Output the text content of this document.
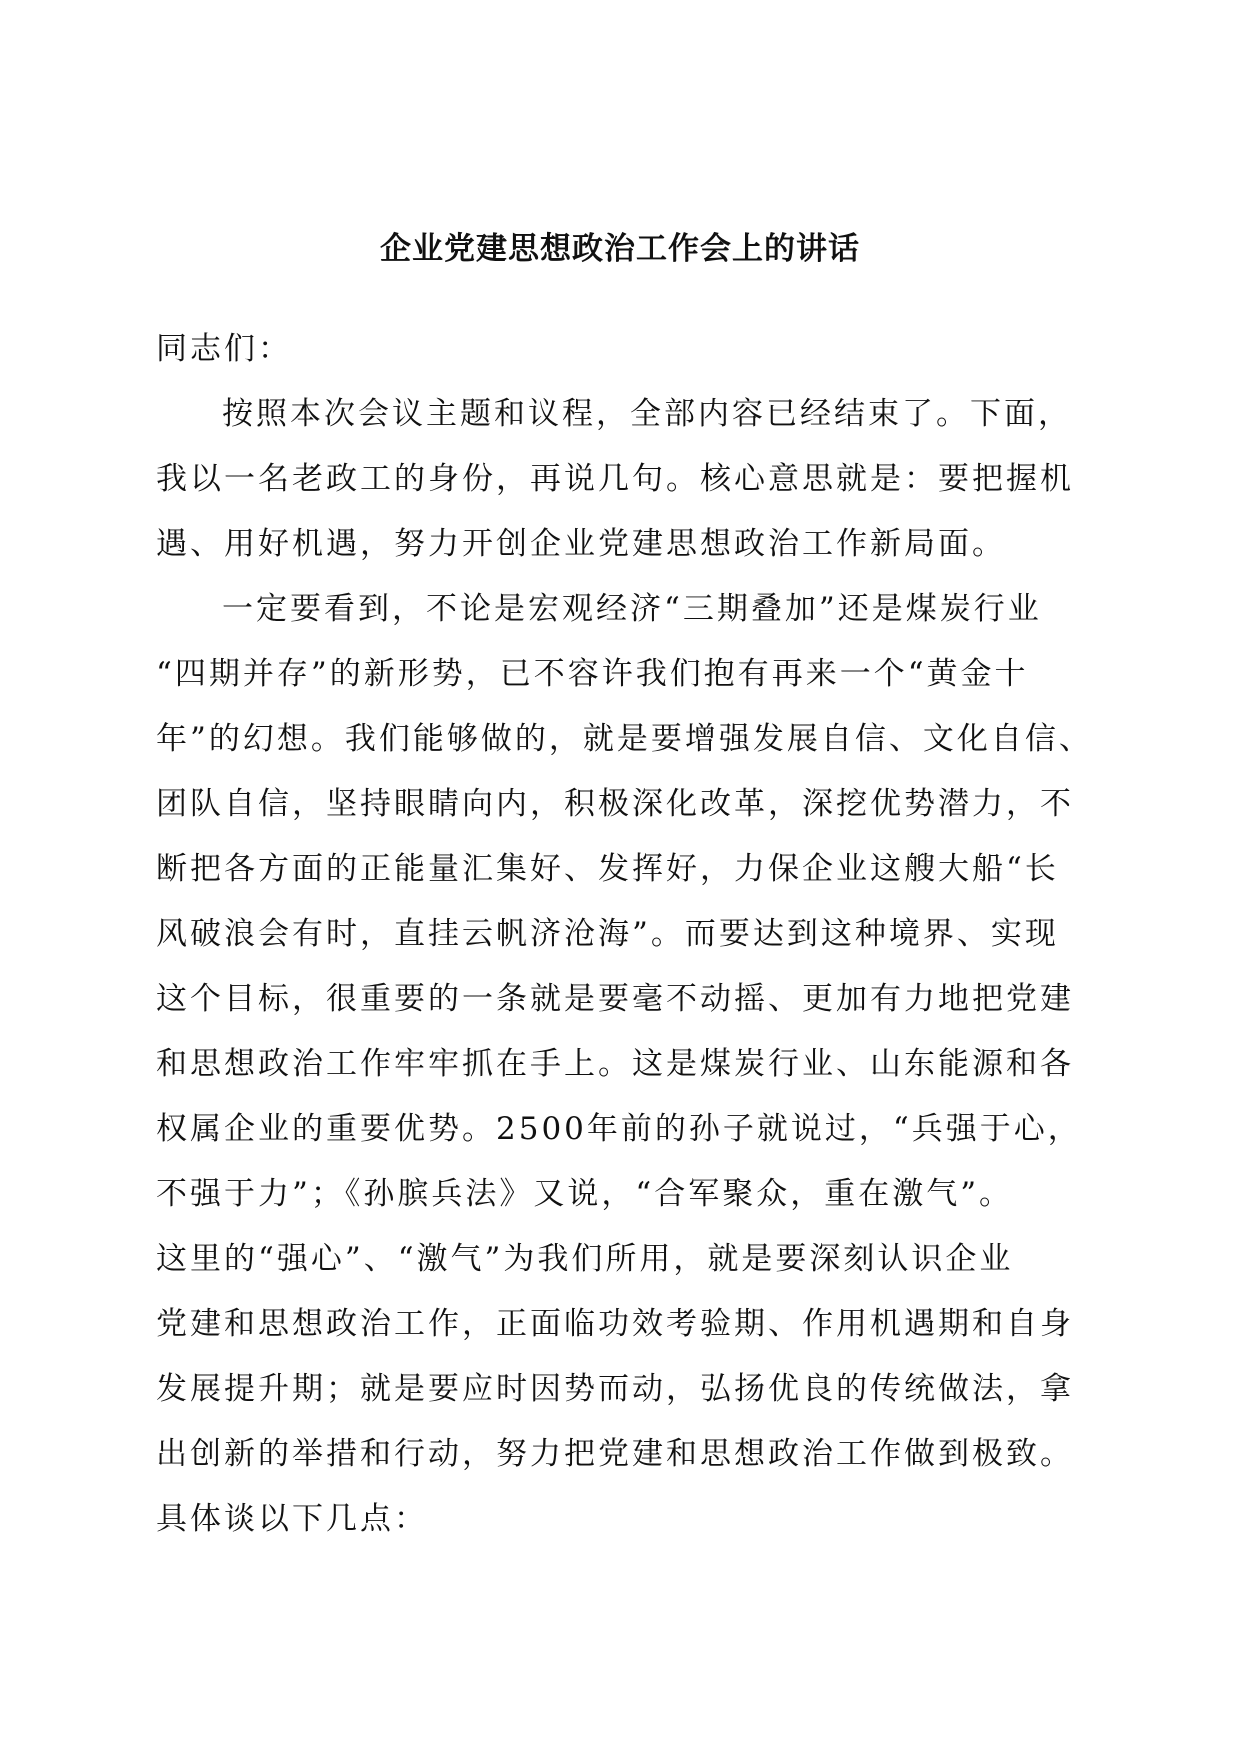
企业党建思想政治工作会上的讲话
同志们：
按照本次会议主题和议程，全部内容已经结束了。下面，
我以一名老政工的身份，再说几句。核心意思就是：要把握机
遇、用好机遇，努力开创企业党建思想政治工作新局面。
一定要看到，不论是宏观经济“三期叠加”还是煤炭行业
“四期并存”的新形势，已不容许我们抱有再来一个“黄金十
年”的幻想。我们能够做的，就是要增强发展自信、文化自信、
团队自信，坚持眼睛向内，积极深化改革，深挖优势潜力，不
断把各方面的正能量汇集好、发挥好，力保企业这艘大船“长
风破浪会有时，直挂云帆济沧海”。而要达到这种境界、实现
这个目标，很重要的一条就是要毫不动摇、更加有力地把党建
和思想政治工作牢牢抓在手上。这是煤炭行业、山东能源和各
权属企业的重要优势。2500年前的孙子就说过，“兵强于心，
不强于力”；《孙膑兵法》又说，“合军聚众，重在激气”。
这里的“强心”、“激气”为我们所用，就是要深刻认识企业
党建和思想政治工作，正面临功效考验期、作用机遇期和自身
发展提升期；就是要应时因势而动，弘扬优良的传统做法，拿
出创新的举措和行动，努力把党建和思想政治工作做到极致。
具体谈以下几点：
